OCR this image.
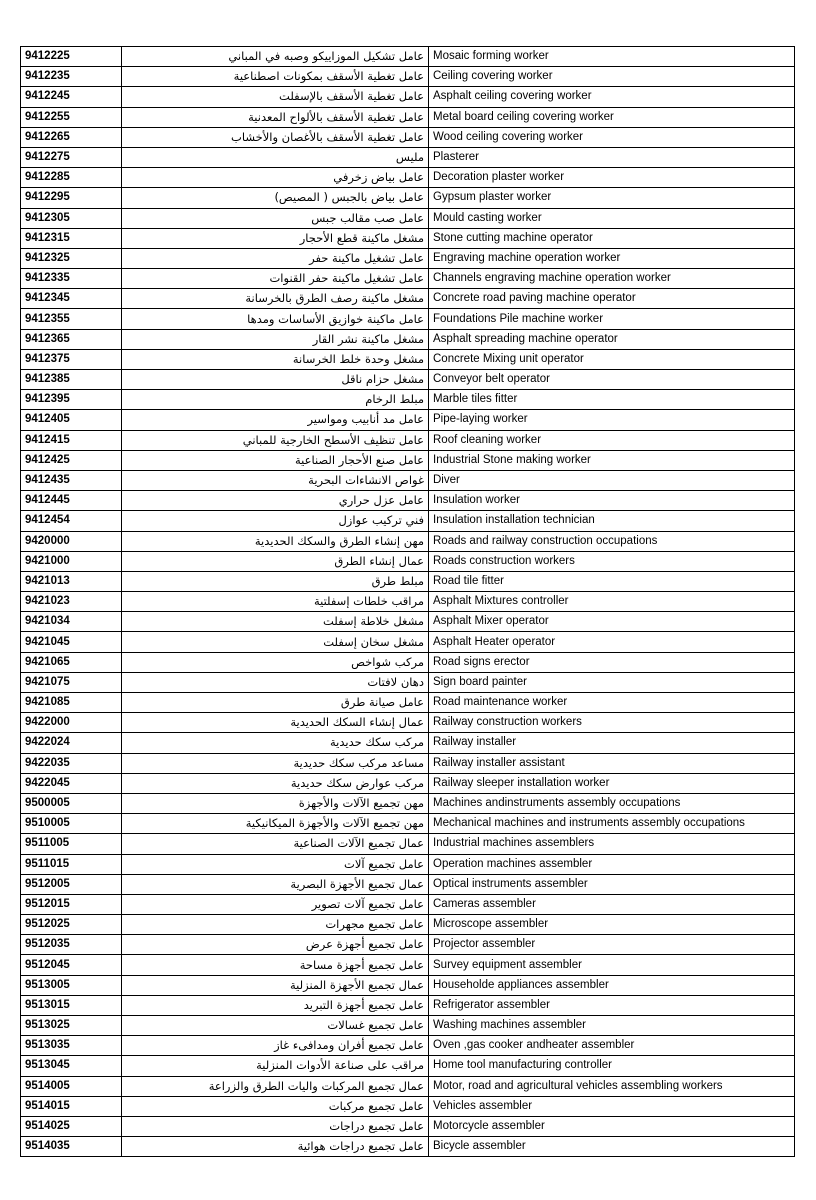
9412225	عامل تشكيل الموزاييكو وصبه في المباني	Mosaic forming worker
9412235	عامل تغطية الأسقف بمكونات اصطناعية	Ceiling covering worker
9412245	عامل تغطية الأسقف بالإسفلت	Asphalt ceiling covering worker
9412255	عامل تغطية الأسقف بالألواح المعدنية	Metal board ceiling covering worker
9412265	عامل تغطية الأسقف بالأغصان والأخشاب	Wood ceiling covering worker
9412275	مليس	Plasterer
9412285	عامل بياض زخرفي	Decoration plaster worker
9412295	عامل بياض بالجبس ( المصيص)	Gypsum plaster worker
9412305	عامل صب مقالب جبس	Mould casting worker
9412315	مشغل ماكينة قطع الأحجار	Stone cutting machine operator
9412325	عامل تشغيل ماكينة حفر	Engraving machine operation worker
9412335	عامل تشغيل ماكينة حفر القنوات	Channels engraving machine operation worker
9412345	مشغل ماكينة رصف الطرق بالخرسانة	Concrete road paving machine operator
9412355	عامل ماكينة خوازيق الأساسات ومدها	Foundations Pile machine worker
9412365	مشغل ماكينة نشر القار	Asphalt spreading machine operator
9412375	مشغل وحدة خلط الخرسانة	Concrete Mixing unit operator
9412385	مشغل حزام ناقل	Conveyor belt operator
9412395	مبلط الرخام	Marble tiles fitter
9412405	عامل مد أنابيب ومواسير	Pipe-laying worker
9412415	عامل تنظيف الأسطح الخارجية للمباني	Roof cleaning worker
9412425	عامل صنع الأحجار الصناعية	Industrial Stone making worker
9412435	غواص الانشاءات البحرية	Diver
9412445	عامل عزل حراري	Insulation worker
9412454	فني تركيب عوازل	Insulation installation technician
9420000	مهن إنشاء الطرق والسكك الحديدية	Roads and railway construction occupations
9421000	عمال إنشاء الطرق	Roads construction workers
9421013	مبلط طرق	Road tile fitter
9421023	مراقب خلطات إسفلتية	Asphalt Mixtures controller
9421034	مشغل خلاطة إسفلت	Asphalt Mixer operator
9421045	مشغل سخان إسفلت	Asphalt Heater operator
9421065	مركب شواخص	Road signs erector
9421075	دهان لافتات	Sign board painter
9421085	عامل صيانة طرق	Road maintenance worker
9422000	عمال إنشاء السكك الحديدية	Railway construction workers
9422024	مركب سكك حديدية	Railway installer
9422035	مساعد مركب سكك حديدية	Railway installer assistant
9422045	مركب عوارض سكك حديدية	Railway sleeper installation worker
9500005	مهن تجميع الآلات والأجهزة	Machines andinstruments assembly occupations
9510005	مهن تجميع الآلات والأجهزة الميكانيكية	Mechanical machines and instruments assembly occupations
9511005	عمال تجميع الآلات الصناعية	Industrial machines assemblers
9511015	عامل تجميع آلات	Operation machines assembler
9512005	عمال تجميع الأجهزة البصرية	Optical instruments assembler
9512015	عامل تجميع آلات تصوير	Cameras assembler
9512025	عامل تجميع مجهرات	Microscope assembler
9512035	عامل تجميع أجهزة عرض	Projector assembler
9512045	عامل تجميع أجهزة مساحة	Survey equipment assembler
9513005	عمال تجميع الأجهزة المنزلية	Householde appliances assembler
9513015	عامل تجميع أجهزة التبريد	Refrigerator assembler
9513025	عامل تجميع غسالات	Washing machines assembler
9513035	عامل تجميع أفران ومدافىء غاز	Oven ,gas cooker andheater assembler
9513045	مراقب على صناعة الأدوات المنزلية	Home tool manufacturing controller
9514005	عمال تجميع المركبات واليات الطرق والزراعة	Motor, road and agricultural vehicles assembling workers
9514015	عامل تجميع مركبات	Vehicles assembler
9514025	عامل تجميع دراجات	Motorcycle assembler
9514035	عامل تجميع دراجات هوائية	Bicycle assembler
